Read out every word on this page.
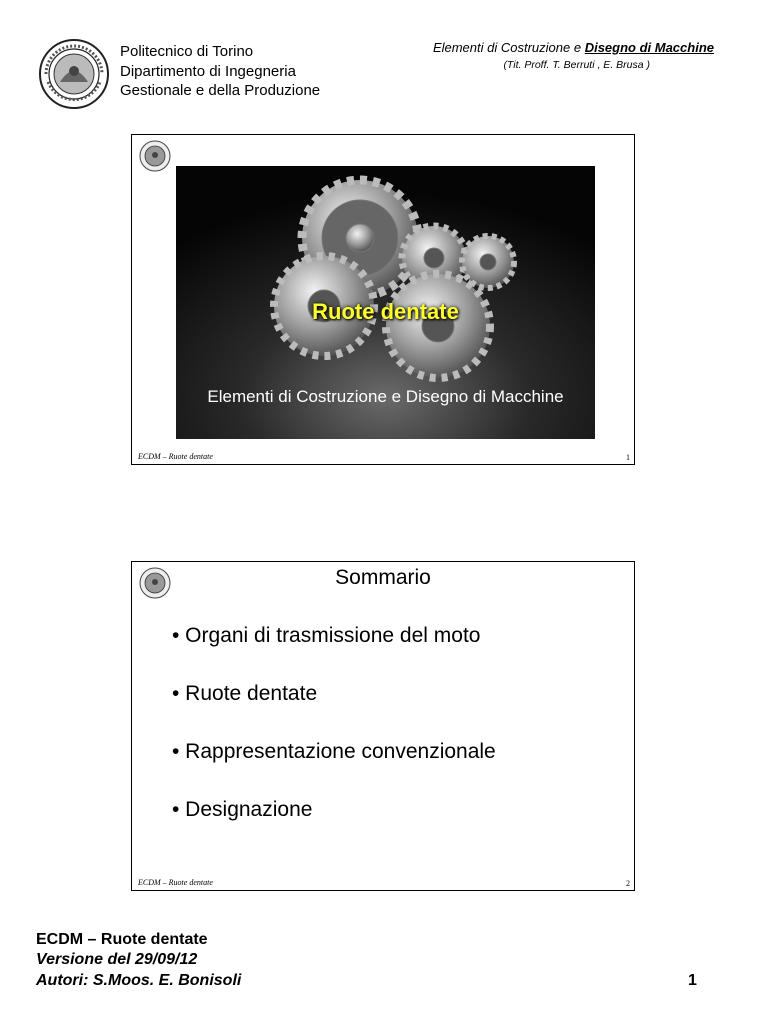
Politecnico di Torino
Dipartimento di Ingegneria
Gestionale e della Produzione
Elementi di Costruzione e Disegno di Macchine
(Tit. Proff. T. Berruti , E. Brusa )
Ruote dentate
Elementi di Costruzione e Disegno di Macchine
ECDM – Ruote dentate	1
Sommario
• Organi di trasmissione del moto
• Ruote dentate
• Rappresentazione convenzionale
• Designazione
ECDM – Ruote dentate	2
ECDM – Ruote dentate
Versione del 29/09/12
Autori: S.Moos. E. Bonisoli	1
